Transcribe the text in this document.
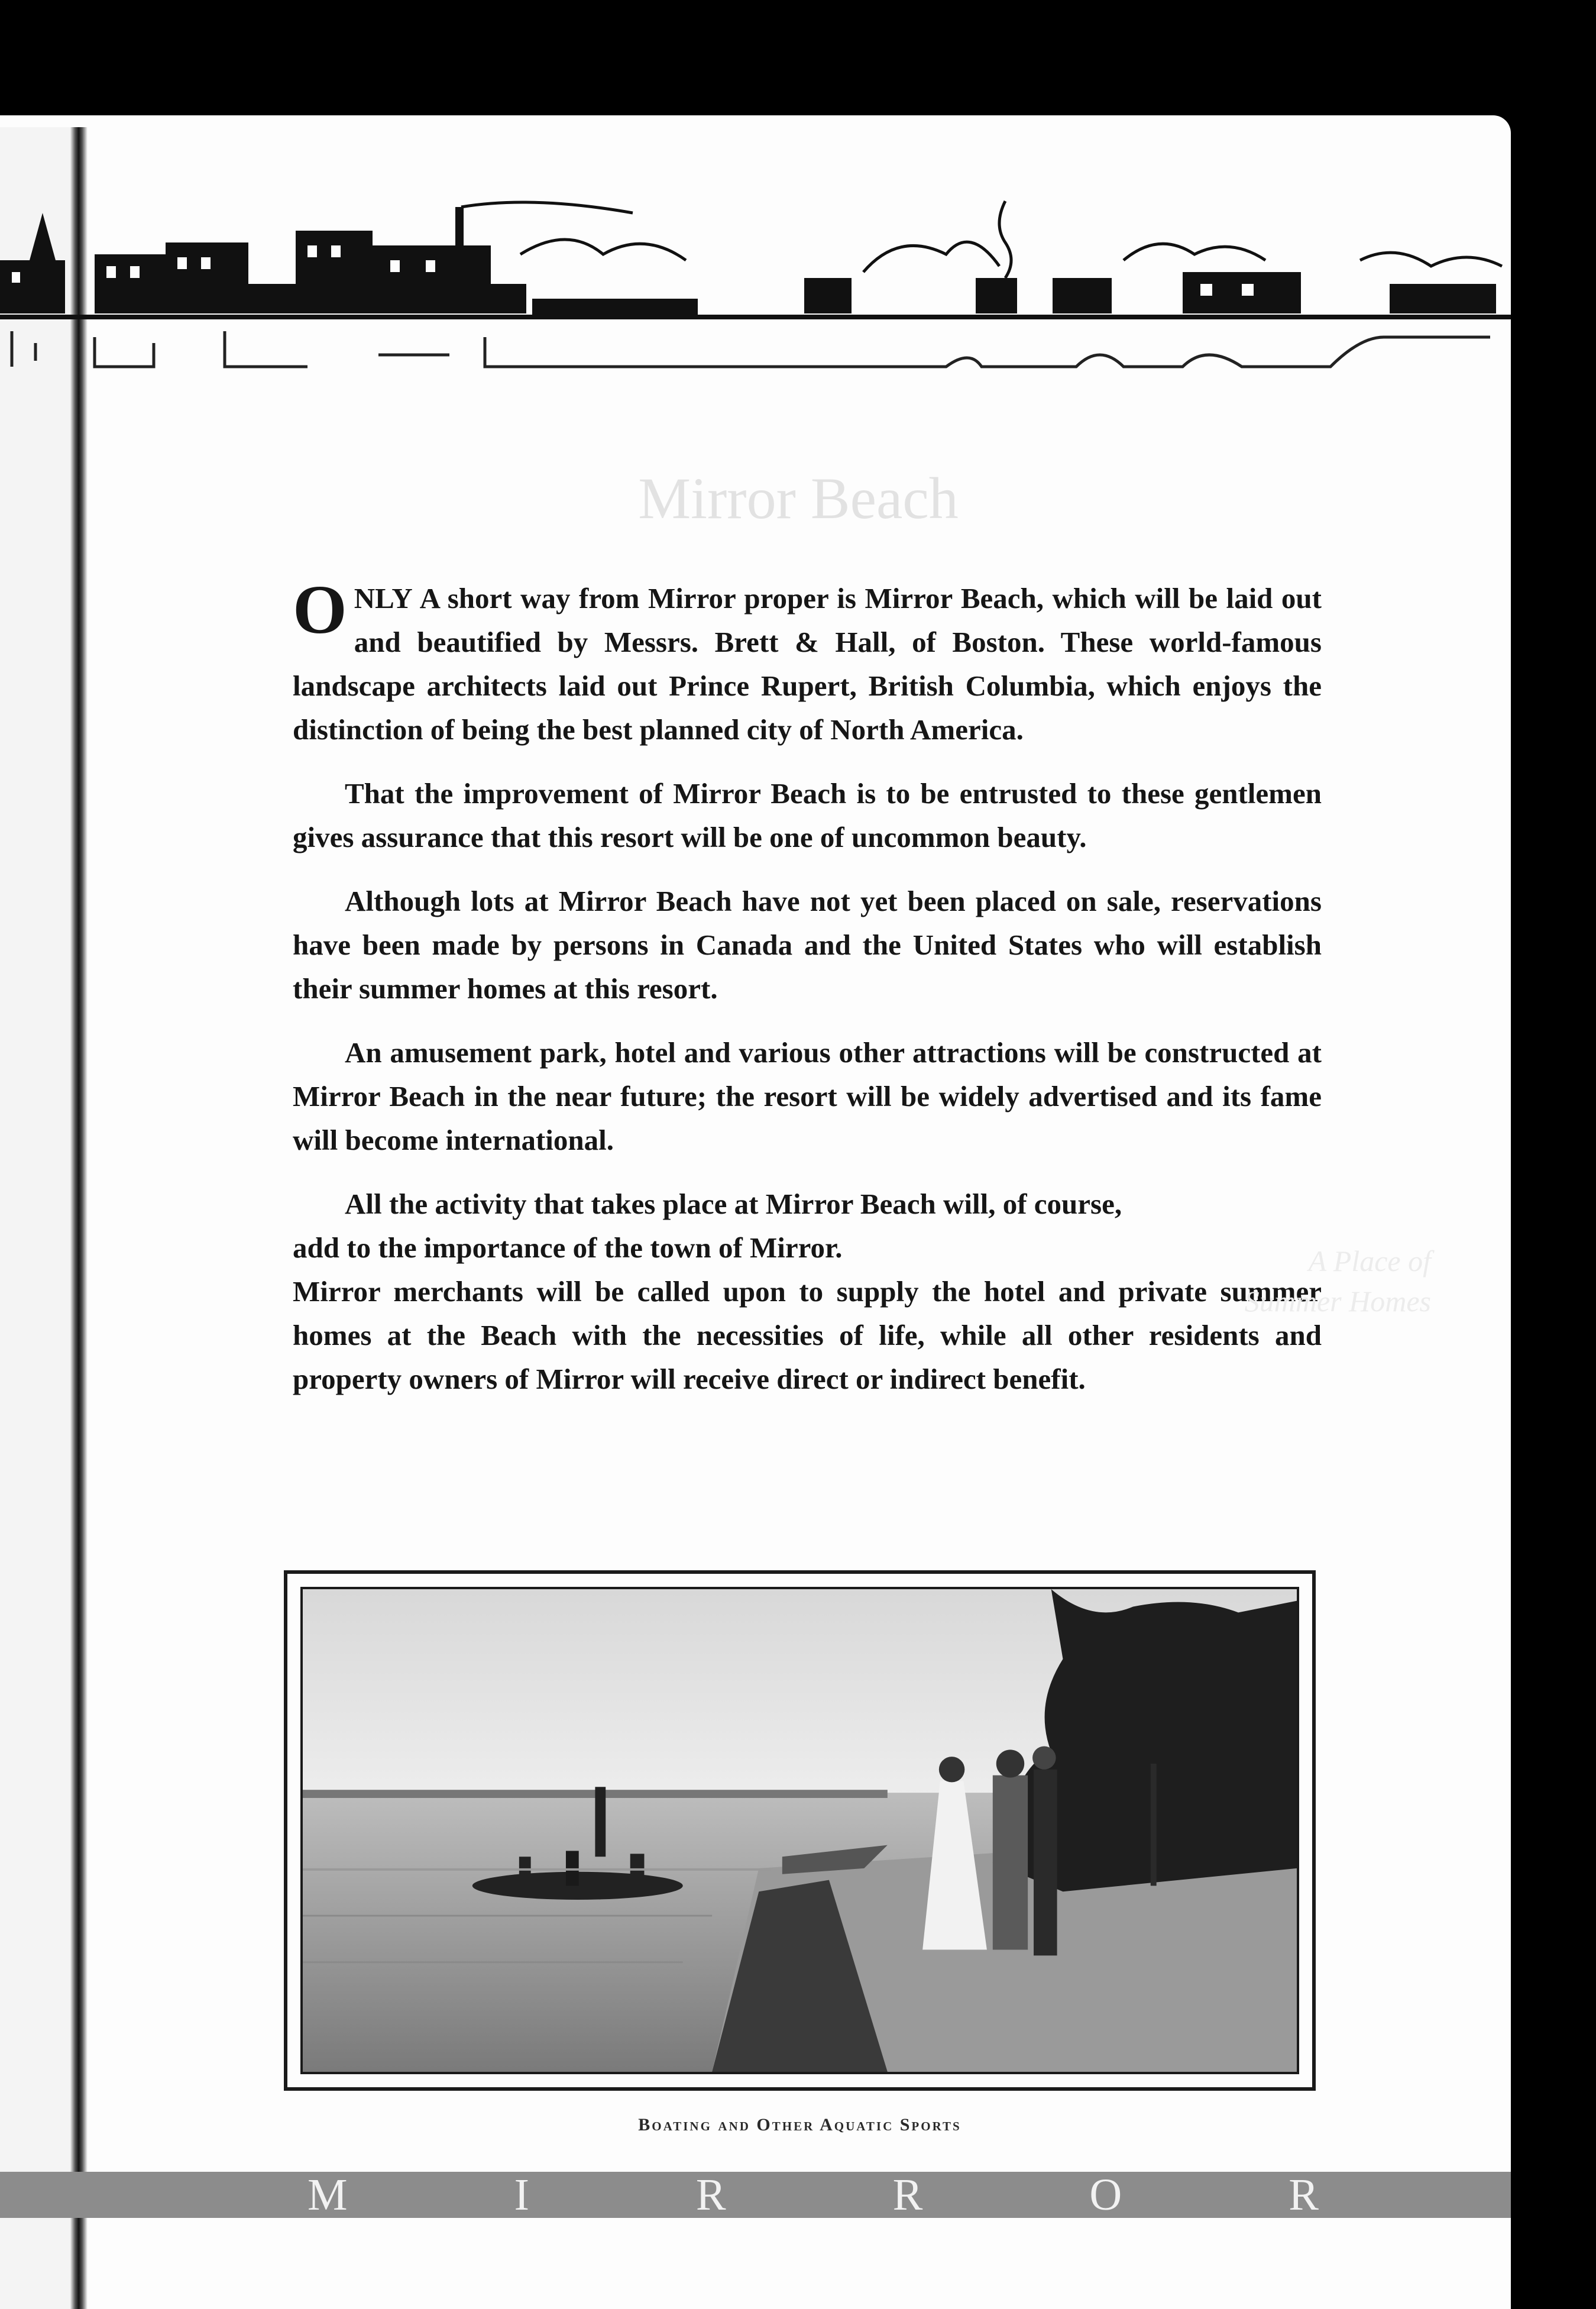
Mirror Beach

ONLY A short way from Mirror proper is Mirror Beach, which will be laid out and beautified by Messrs. Brett & Hall, of Boston. These world-famous landscape architects laid out Prince Rupert, British Columbia, which enjoys the distinction of being the best planned city of North America.

That the improvement of Mirror Beach is to be entrusted to these gentlemen gives assurance that this resort will be one of uncommon beauty.

Although lots at Mirror Beach have not yet been placed on sale, reservations have been made by persons in Canada and the United States who will establish their summer homes at this resort.

An amusement park, hotel and various other attractions will be constructed at Mirror Beach in the near future; the resort will be widely advertised and its fame will become international.

All the activity that takes place at Mirror Beach will, of course, add to the importance of the town of Mirror.

Mirror merchants will be called upon to supply the hotel and private summer homes at the Beach with the necessities of life, while all other residents and property owners of Mirror will receive direct or indirect benefit.

A Place of
Summer Homes
Boating and Other Aquatic Sports
M	I	R	R	O	R
